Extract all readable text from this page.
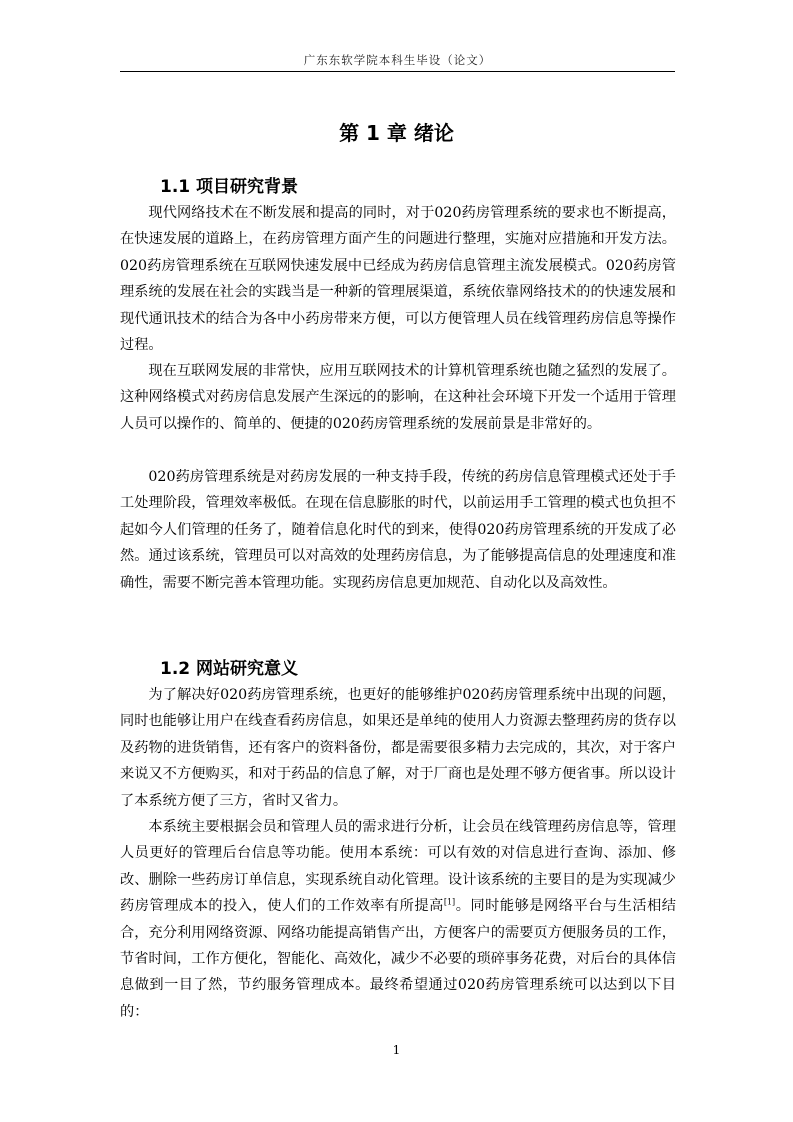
广东东软学院本科生毕设（论文）
第 1 章 绪论
1.1 项目研究背景

现代网络技术在不断发展和提高的同时，对于020药房管理系统的要求也不断提高，在快速发展的道路上，在药房管理方面产生的问题进行整理，实施对应措施和开发方法。020药房管理系统在互联网快速发展中已经成为药房信息管理主流发展模式。020药房管理系统的发展在社会的实践当是一种新的管理展渠道，系统依靠网络技术的的快速发展和现代通讯技术的结合为各中小药房带来方便，可以方便管理人员在线管理药房信息等操作过程。

现在互联网发展的非常快，应用互联网技术的计算机管理系统也随之猛烈的发展了。这种网络模式对药房信息发展产生深远的的影响，在这种社会环境下开发一个适用于管理人员可以操作的、简单的、便捷的020药房管理系统的发展前景是非常好的。

020药房管理系统是对药房发展的一种支持手段，传统的药房信息管理模式还处于手工处理阶段，管理效率极低。在现在信息膨胀的时代，以前运用手工管理的模式也负担不起如今人们管理的任务了，随着信息化时代的到来，使得020药房管理系统的开发成了必然。通过该系统，管理员可以对高效的处理药房信息，为了能够提高信息的处理速度和准确性，需要不断完善本管理功能。实现药房信息更加规范、自动化以及高效性。

1.2 网站研究意义

为了解决好020药房管理系统，也更好的能够维护020药房管理系统中出现的问题，同时也能够让用户在线查看药房信息，如果还是单纯的使用人力资源去整理药房的货存以及药物的进货销售，还有客户的资料备份，都是需要很多精力去完成的，其次，对于客户来说又不方便购买，和对于药品的信息了解，对于厂商也是处理不够方便省事。所以设计了本系统方便了三方，省时又省力。

本系统主要根据会员和管理人员的需求进行分析，让会员在线管理药房信息等，管理人员更好的管理后台信息等功能。使用本系统：可以有效的对信息进行查询、添加、修改、删除一些药房订单信息，实现系统自动化管理。设计该系统的主要目的是为实现减少药房管理成本的投入，使人们的工作效率有所提高[1]。同时能够是网络平台与生活相结合，充分利用网络资源、网络功能提高销售产出，方便客户的需要页方便服务员的工作，节省时间，工作方便化，智能化、高效化，减少不必要的琐碎事务花费，对后台的具体信息做到一目了然，节约服务管理成本。最终希望通过020药房管理系统可以达到以下目的：

1
